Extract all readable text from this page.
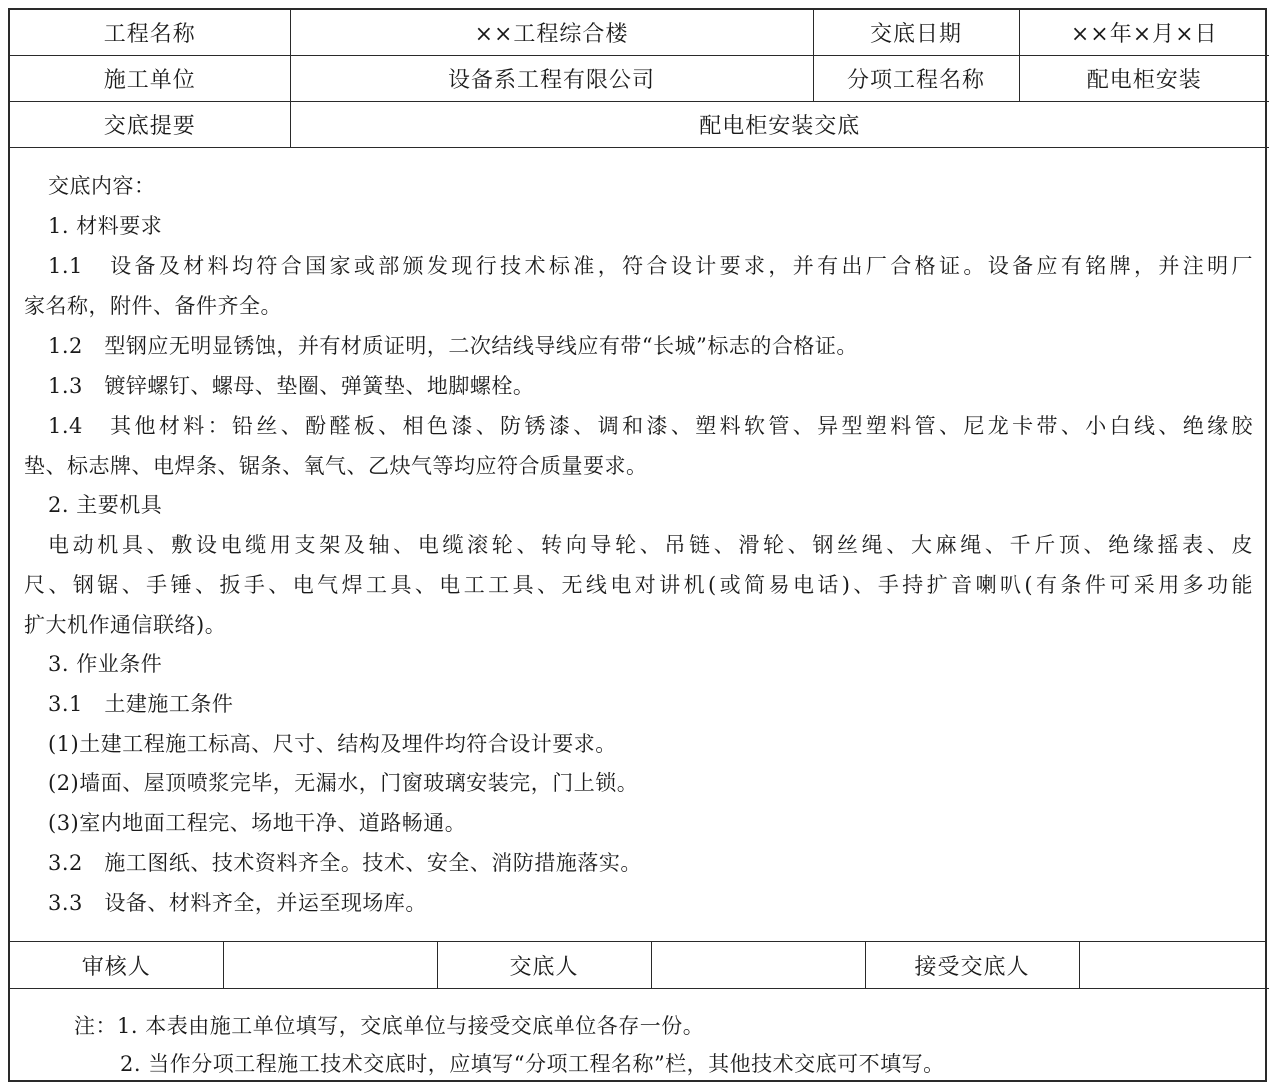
工程名称	××工程综合楼	交底日期	××年×月×日
施工单位	设备系工程有限公司	分项工程名称	配电柜安装
交底提要	配电柜安装交底		
交底内容：
1. 材料要求
1.1　设备及材料均符合国家或部颁发现行技术标准，符合设计要求，并有出厂合格证。设备应有铭牌，并注明厂
家名称，附件、备件齐全。
1.2　型钢应无明显锈蚀，并有材质证明，二次结线导线应有带“长城”标志的合格证。
1.3　镀锌螺钉、螺母、垫圈、弹簧垫、地脚螺栓。
1.4　其他材料：铅丝、酚醛板、相色漆、防锈漆、调和漆、塑料软管、异型塑料管、尼龙卡带、小白线、绝缘胶
垫、标志牌、电焊条、锯条、氧气、乙炔气等均应符合质量要求。
2. 主要机具
电动机具、敷设电缆用支架及轴、电缆滚轮、转向导轮、吊链、滑轮、钢丝绳、大麻绳、千斤顶、绝缘摇表、皮
尺、钢锯、手锤、扳手、电气焊工具、电工工具、无线电对讲机(或简易电话)、手持扩音喇叭(有条件可采用多功能
扩大机作通信联络)。
3. 作业条件
3.1　土建施工条件
(1)土建工程施工标高、尺寸、结构及埋件均符合设计要求。
(2)墙面、屋顶喷浆完毕，无漏水，门窗玻璃安装完，门上锁。
(3)室内地面工程完、场地干净、道路畅通。
3.2　施工图纸、技术资料齐全。技术、安全、消防措施落实。
3.3　设备、材料齐全，并运至现场库。
审核人		交底人		接受交底人	
注：1. 本表由施工单位填写，交底单位与接受交底单位各存一份。
2. 当作分项工程施工技术交底时，应填写“分项工程名称”栏，其他技术交底可不填写。
